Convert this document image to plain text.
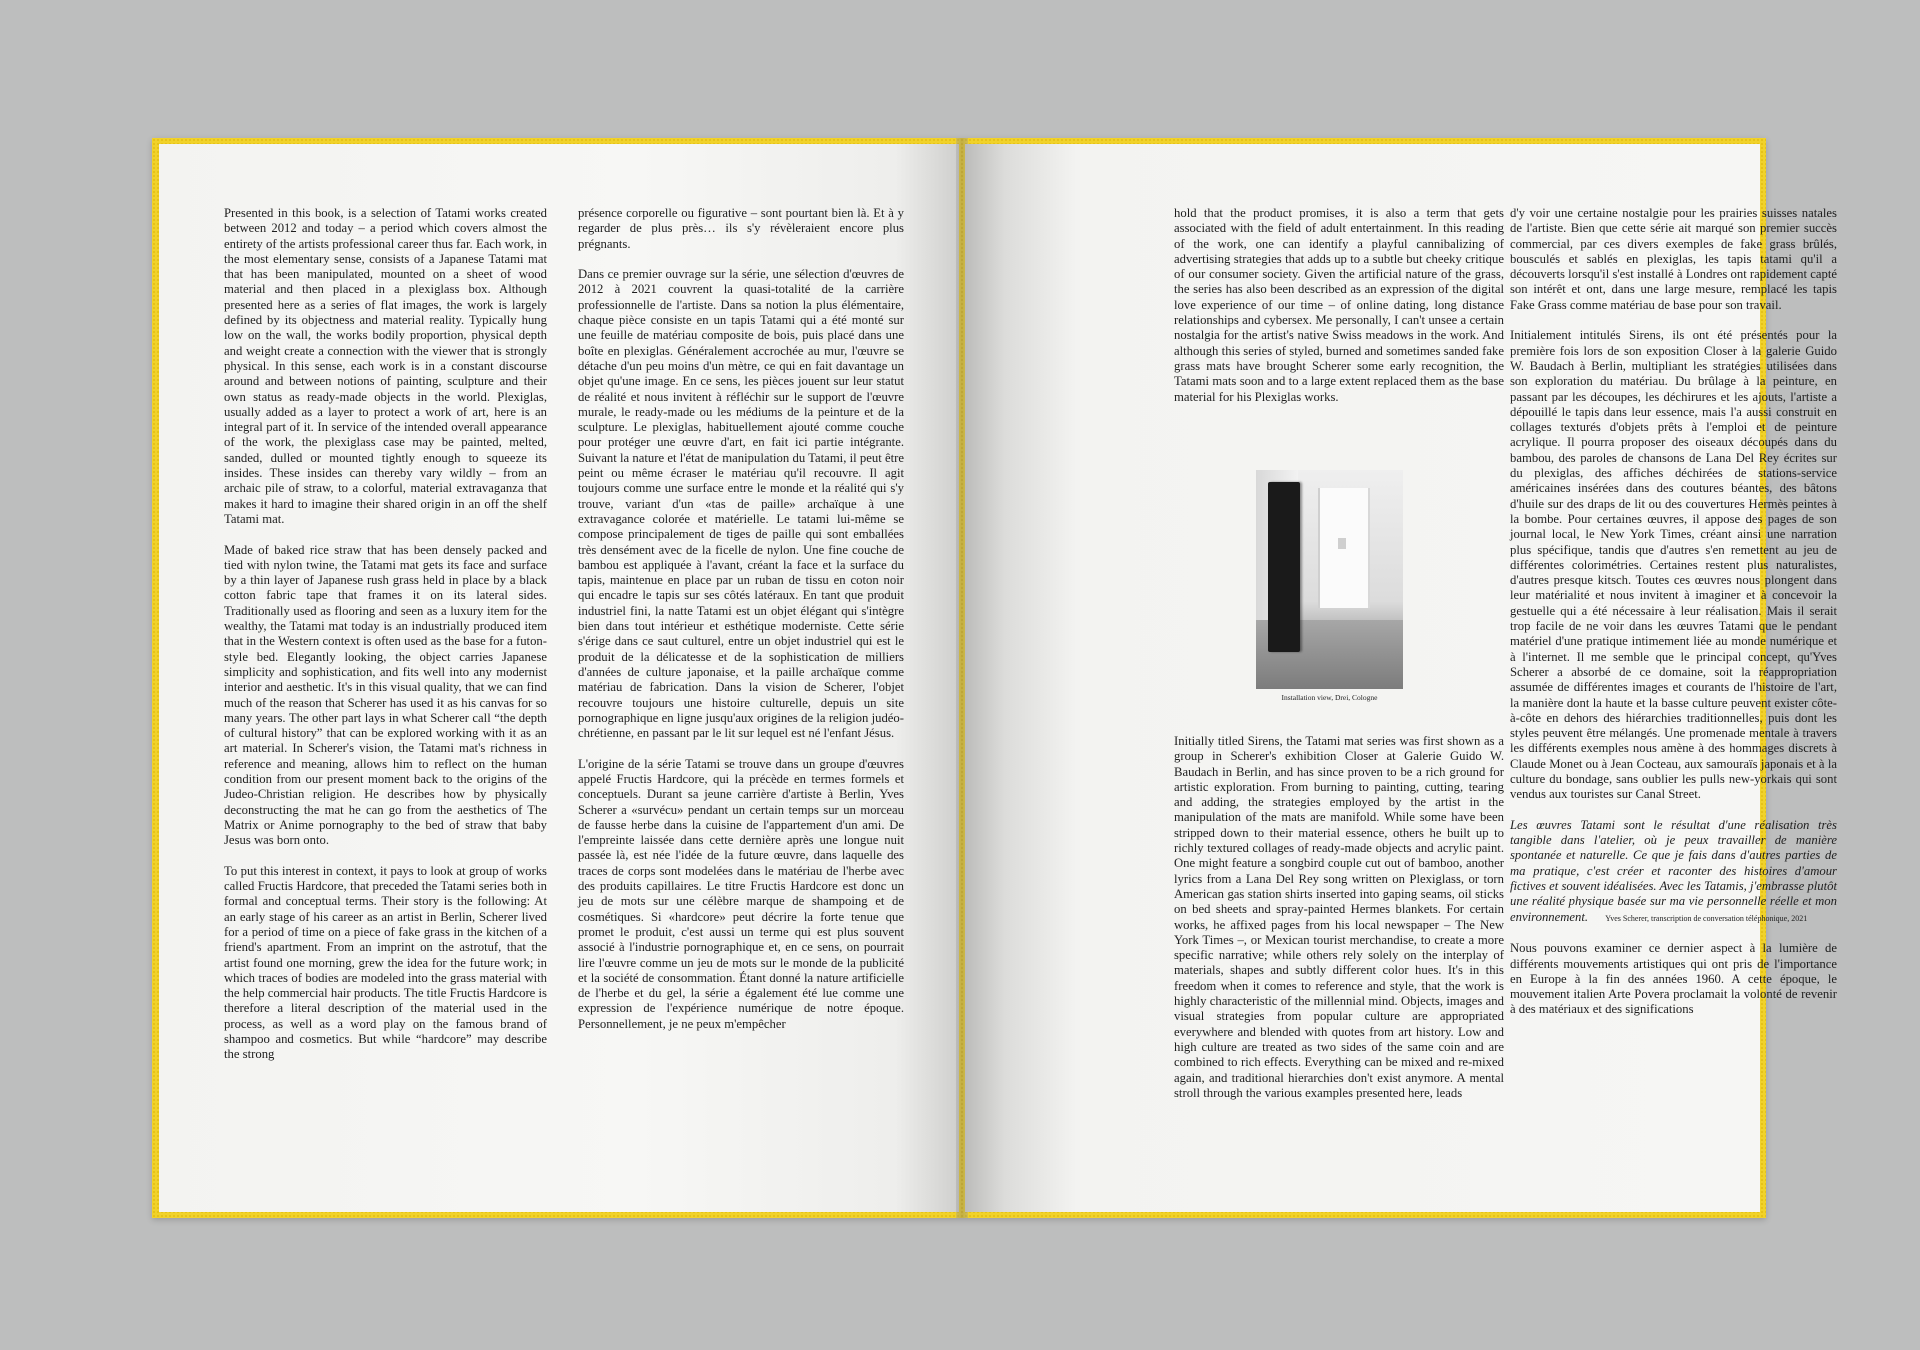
Presented in this book, is a selection of Tatami works created between 2012 and today – a period which covers almost the entirety of the artists professional career thus far. Each work, in the most elementary sense, consists of a Japanese Tatami mat that has been manipulated, mounted on a sheet of wood material and then placed in a plexiglass box. Although presented here as a series of flat images, the work is largely defined by its objectness and material reality. Typically hung low on the wall, the works bodily proportion, physical depth and weight create a connection with the viewer that is strongly physical. In this sense, each work is in a constant discourse around and between notions of painting, sculpture and their own status as ready-made objects in the world. Plexiglas, usually added as a layer to protect a work of art, here is an integral part of it. In service of the intended overall appearance of the work, the plexiglass case may be painted, melted, sanded, dulled or mounted tightly enough to squeeze its insides. These insides can thereby vary wildly – from an archaic pile of straw, to a colorful, material extravaganza that makes it hard to imagine their shared origin in an off the shelf Tatami mat.

Made of baked rice straw that has been densely packed and tied with nylon twine, the Tatami mat gets its face and surface by a thin layer of Japanese rush grass held in place by a black cotton fabric tape that frames it on its lateral sides. Traditionally used as flooring and seen as a luxury item for the wealthy, the Tatami mat today is an industrially produced item that in the Western context is often used as the base for a futon-style bed. Elegantly looking, the object carries Japanese simplicity and sophistication, and fits well into any modernist interior and aesthetic. It's in this visual quality, that we can find much of the reason that Scherer has used it as his canvas for so many years. The other part lays in what Scherer call “the depth of cultural history” that can be explored working with it as an art material. In Scherer's vision, the Tatami mat's richness in reference and meaning, allows him to reflect on the human condition from our present moment back to the origins of the Judeo-Christian religion. He describes how by physically deconstructing the mat he can go from the aesthetics of The Matrix or Anime pornography to the bed of straw that baby Jesus was born onto.

To put this interest in context, it pays to look at group of works called Fructis Hardcore, that preceded the Tatami series both in formal and conceptual terms. Their story is the following: At an early stage of his career as an artist in Berlin, Scherer lived for a period of time on a piece of fake grass in the kitchen of a friend's apartment. From an imprint on the astrotuf, that the artist found one morning, grew the idea for the future work; in which traces of bodies are modeled into the grass material with the help commercial hair products. The title Fructis Hardcore is therefore a literal description of the material used in the process, as well as a word play on the famous brand of shampoo and cosmetics. But while “hardcore” may describe the strong

présence corporelle ou figurative – sont pourtant bien là. Et à y regarder de plus près… ils s'y révèleraient encore plus prégnants.

Dans ce premier ouvrage sur la série, une sélection d'œuvres de 2012 à 2021 couvrent la quasi-totalité de la carrière professionnelle de l'artiste. Dans sa notion la plus élémentaire, chaque pièce consiste en un tapis Tatami qui a été monté sur une feuille de matériau composite de bois, puis placé dans une boîte en plexiglas. Généralement accrochée au mur, l'œuvre se détache d'un peu moins d'un mètre, ce qui en fait davantage un objet qu'une image. En ce sens, les pièces jouent sur leur statut de réalité et nous invitent à réfléchir sur le support de l'œuvre murale, le ready-made ou les médiums de la peinture et de la sculpture. Le plexiglas, habituellement ajouté comme couche pour protéger une œuvre d'art, en fait ici partie intégrante. Suivant la nature et l'état de manipulation du Tatami, il peut être peint ou même écraser le matériau qu'il recouvre. Il agit toujours comme une surface entre le monde et la réalité qui s'y trouve, variant d'un «tas de paille» archaïque à une extravagance colorée et matérielle. Le tatami lui-même se compose principalement de tiges de paille qui sont emballées très densément avec de la ficelle de nylon. Une fine couche de bambou est appliquée à l'avant, créant la face et la surface du tapis, maintenue en place par un ruban de tissu en coton noir qui encadre le tapis sur ses côtés latéraux. En tant que produit industriel fini, la natte Tatami est un objet élégant qui s'intègre bien dans tout intérieur et esthétique moderniste. Cette série s'érige dans ce saut culturel, entre un objet industriel qui est le produit de la délicatesse et de la sophistication de milliers d'années de culture japonaise, et la paille archaïque comme matériau de fabrication. Dans la vision de Scherer, l'objet recouvre toujours une histoire culturelle, depuis un site pornographique en ligne jusqu'aux origines de la religion judéo-chrétienne, en passant par le lit sur lequel est né l'enfant Jésus.

L'origine de la série Tatami se trouve dans un groupe d'œuvres appelé Fructis Hardcore, qui la précède en termes formels et conceptuels. Durant sa jeune carrière d'artiste à Berlin, Yves Scherer a «survécu» pendant un certain temps sur un morceau de fausse herbe dans la cuisine de l'appartement d'un ami. De l'empreinte laissée dans cette dernière après une longue nuit passée là, est née l'idée de la future œuvre, dans laquelle des traces de corps sont modelées dans le matériau de l'herbe avec des produits capillaires. Le titre Fructis Hardcore est donc un jeu de mots sur une célèbre marque de shampoing et de cosmétiques. Si «hardcore» peut décrire la forte tenue que promet le produit, c'est aussi un terme qui est plus souvent associé à l'industrie pornographique et, en ce sens, on pourrait lire l'œuvre comme un jeu de mots sur le monde de la publicité et la société de consommation. Étant donné la nature artificielle de l'herbe et du gel, la série a également été lue comme une expression de l'expérience numérique de notre époque. Personnellement, je ne peux m'empêcher

hold that the product promises, it is also a term that gets associated with the field of adult entertainment. In this reading of the work, one can identify a playful cannibalizing of advertising strategies that adds up to a subtle but cheeky critique of our consumer society. Given the artificial nature of the grass, the series has also been described as an expression of the digital love experience of our time – of online dating, long distance relationships and cybersex. Me personally, I can't unsee a certain nostalgia for the artist's native Swiss meadows in the work. And although this series of styled, burned and sometimes sanded fake grass mats have brought Scherer some early recognition, the Tatami mats soon and to a large extent replaced them as the base material for his Plexiglas works.

Installation view, Drei, Cologne

Initially titled Sirens, the Tatami mat series was first shown as a group in Scherer's exhibition Closer at Galerie Guido W. Baudach in Berlin, and has since proven to be a rich ground for artistic exploration. From burning to painting, cutting, tearing and adding, the strategies employed by the artist in the manipulation of the mats are manifold. While some have been stripped down to their material essence, others he built up to richly textured collages of ready-made objects and acrylic paint. One might feature a songbird couple cut out of bamboo, another lyrics from a Lana Del Rey song written on Plexiglass, or torn American gas station shirts inserted into gaping seams, oil sticks on bed sheets and spray-painted Hermes blankets. For certain works, he affixed pages from his local newspaper – The New York Times –, or Mexican tourist merchandise, to create a more specific narrative; while others rely solely on the interplay of materials, shapes and subtly different color hues. It's in this freedom when it comes to reference and style, that the work is highly characteristic of the millennial mind. Objects, images and visual strategies from popular culture are appropriated everywhere and blended with quotes from art history. Low and high culture are treated as two sides of the same coin and are combined to rich effects. Everything can be mixed and re-mixed again, and traditional hierarchies don't exist anymore. A mental stroll through the various examples presented here, leads

d'y voir une certaine nostalgie pour les prairies suisses natales de l'artiste. Bien que cette série ait marqué son premier succès commercial, par ces divers exemples de fake grass brûlés, bousculés et sablés en plexiglas, les tapis tatami qu'il a découverts lorsqu'il s'est installé à Londres ont rapidement capté son intérêt et ont, dans une large mesure, remplacé les tapis Fake Grass comme matériau de base pour son travail.

Initialement intitulés Sirens, ils ont été présentés pour la première fois lors de son exposition Closer à la galerie Guido W. Baudach à Berlin, multipliant les stratégies utilisées dans son exploration du matériau. Du brûlage à la peinture, en passant par les découpes, les déchirures et les ajouts, l'artiste a dépouillé le tapis dans leur essence, mais l'a aussi construit en collages texturés d'objets prêts à l'emploi et de peinture acrylique. Il pourra proposer des oiseaux découpés dans du bambou, des paroles de chansons de Lana Del Rey écrites sur du plexiglas, des affiches déchirées de stations-service américaines insérées dans des coutures béantes, des bâtons d'huile sur des draps de lit ou des couvertures Hermès peintes à la bombe. Pour certaines œuvres, il appose des pages de son journal local, le New York Times, créant ainsi une narration plus spécifique, tandis que d'autres s'en remettent au jeu de différentes colorimétries. Certaines restent plus naturalistes, d'autres presque kitsch. Toutes ces œuvres nous plongent dans leur matérialité et nous invitent à imaginer et à concevoir la gestuelle qui a été nécessaire à leur réalisation. Mais il serait trop facile de ne voir dans les œuvres Tatami que le pendant matériel d'une pratique intimement liée au monde numérique et à l'internet. Il me semble que le principal concept, qu'Yves Scherer a absorbé de ce domaine, soit la réappropriation assumée de différentes images et courants de l'histoire de l'art, la manière dont la haute et la basse culture peuvent exister côte-à-côte en dehors des hiérarchies traditionnelles, puis dont les styles peuvent être mélangés. Une promenade mentale à travers les différents exemples nous amène à des hommages discrets à Claude Monet ou à Jean Cocteau, aux samouraïs japonais et à la culture du bondage, sans oublier les pulls new-yorkais qui sont vendus aux touristes sur Canal Street.

Les œuvres Tatami sont le résultat d'une réalisation très tangible dans l'atelier, où je peux travailler de manière spontanée et naturelle. Ce que je fais dans d'autres parties de ma pratique, c'est créer et raconter des histoires d'amour fictives et souvent idéalisées. Avec les Tatamis, j'embrasse plutôt une réalité physique basée sur ma vie personnelle réelle et mon environnement. Yves Scherer, transcription de conversation téléphonique, 2021

Nous pouvons examiner ce dernier aspect à la lumière de différents mouvements artistiques qui ont pris de l'importance en Europe à la fin des années 1960. A cette époque, le mouvement italien Arte Povera proclamait la volonté de revenir à des matériaux et des significations
